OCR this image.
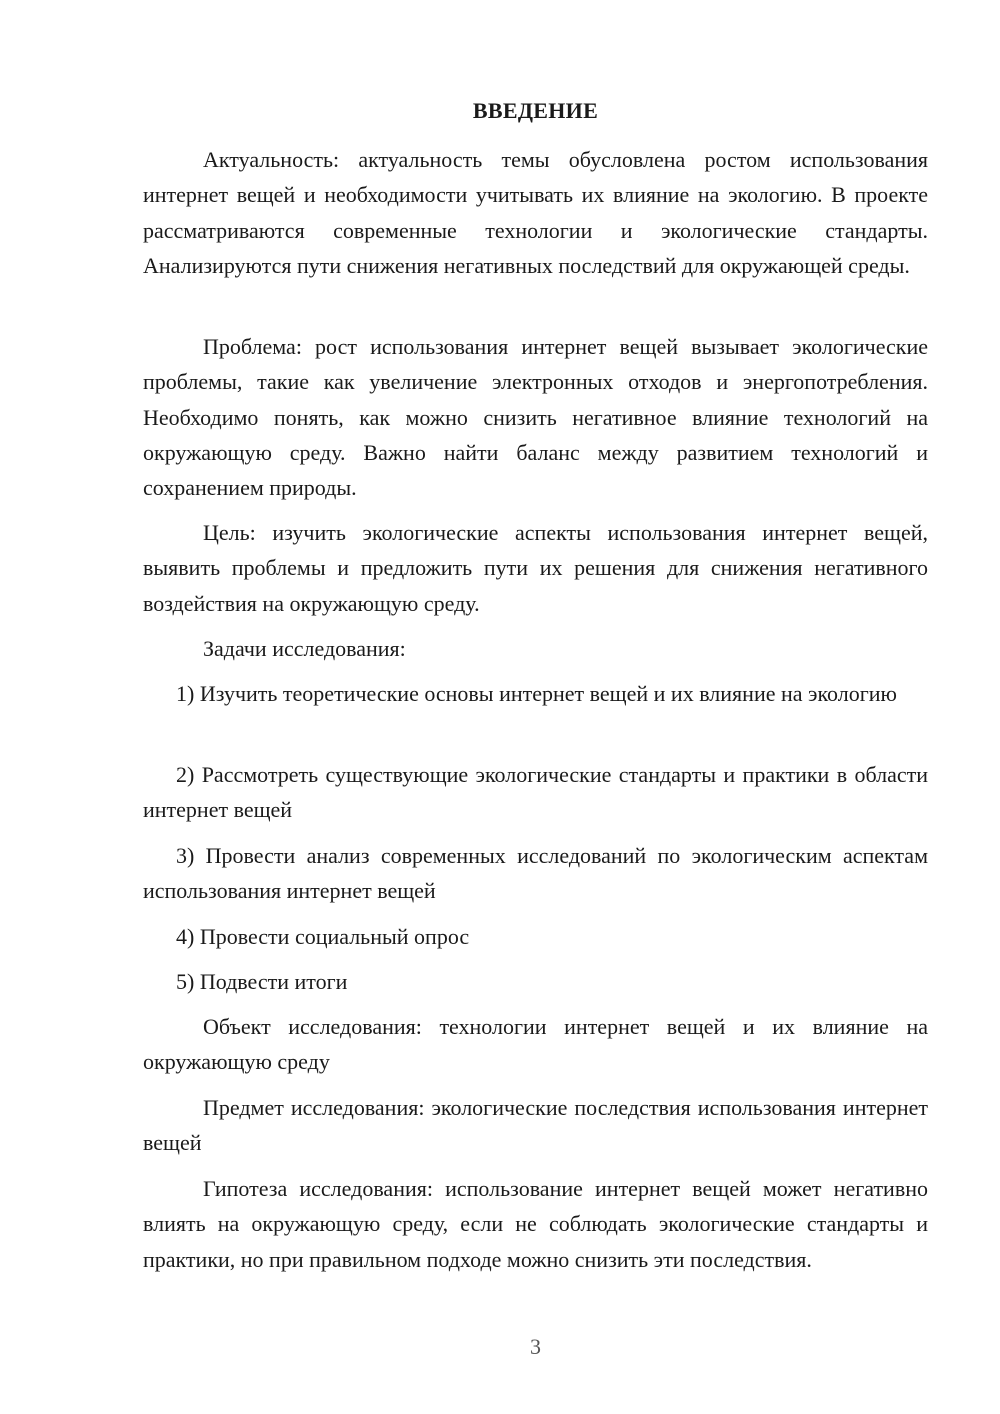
ВВЕДЕНИЕ

Актуальность: актуальность темы обусловлена ростом использования интернет вещей и необходимости учитывать их влияние на экологию. В проекте рассматриваются современные технологии и экологические стандарты. Анализируются пути снижения негативных последствий для окружающей среды.

Проблема: рост использования интернет вещей вызывает экологические проблемы, такие как увеличение электронных отходов и энергопотребления. Необходимо понять, как можно снизить негативное влияние технологий на окружающую среду. Важно найти баланс между развитием технологий и сохранением природы.

Цель: изучить экологические аспекты использования интернет вещей, выявить проблемы и предложить пути их решения для снижения негативного воздействия на окружающую среду.

Задачи исследования:

1) Изучить теоретические основы интернет вещей и их влияние на экологию

2) Рассмотреть существующие экологические стандарты и практики в области интернет вещей

3) Провести анализ современных исследований по экологическим аспектам использования интернет вещей

4) Провести социальный опрос

5) Подвести итоги

Объект исследования: технологии интернет вещей и их влияние на окружающую среду

Предмет исследования: экологические последствия использования интернет вещей

Гипотеза исследования: использование интернет вещей может негативно влиять на окружающую среду, если не соблюдать экологические стандарты и практики, но при правильном подходе можно снизить эти последствия.

3
